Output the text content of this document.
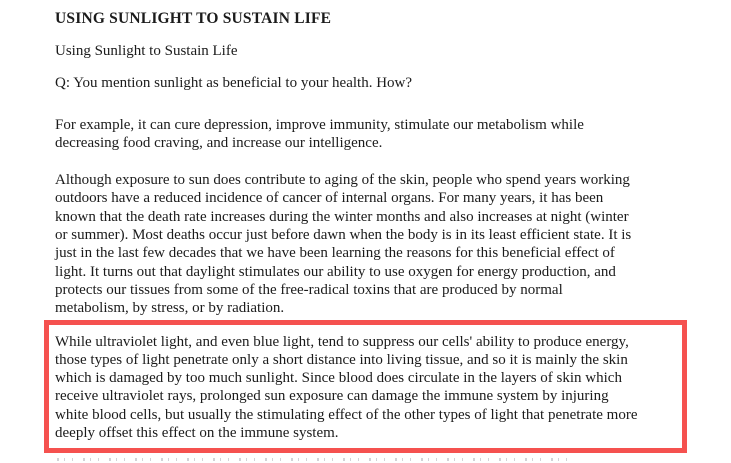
USING SUNLIGHT TO SUSTAIN LIFE

Using Sunlight to Sustain Life

Q: You mention sunlight as beneficial to your health. How?

For example, it can cure depression, improve immunity, stimulate our metabolism while
decreasing food craving, and increase our intelligence.

Although exposure to sun does contribute to aging of the skin, people who spend years working
outdoors have a reduced incidence of cancer of internal organs. For many years, it has been
known that the death rate increases during the winter months and also increases at night (winter
or summer). Most deaths occur just before dawn when the body is in its least efficient state. It is
just in the last few decades that we have been learning the reasons for this beneficial effect of
light. It turns out that daylight stimulates our ability to use oxygen for energy production, and
protects our tissues from some of the free-radical toxins that are produced by normal
metabolism, by stress, or by radiation.

While ultraviolet light, and even blue light, tend to suppress our cells' ability to produce energy,
those types of light penetrate only a short distance into living tissue, and so it is mainly the skin
which is damaged by too much sunlight. Since blood does circulate in the layers of skin which
receive ultraviolet rays, prolonged sun exposure can damage the immune system by injuring
white blood cells, but usually the stimulating effect of the other types of light that penetrate more
deeply offset this effect on the immune system.
